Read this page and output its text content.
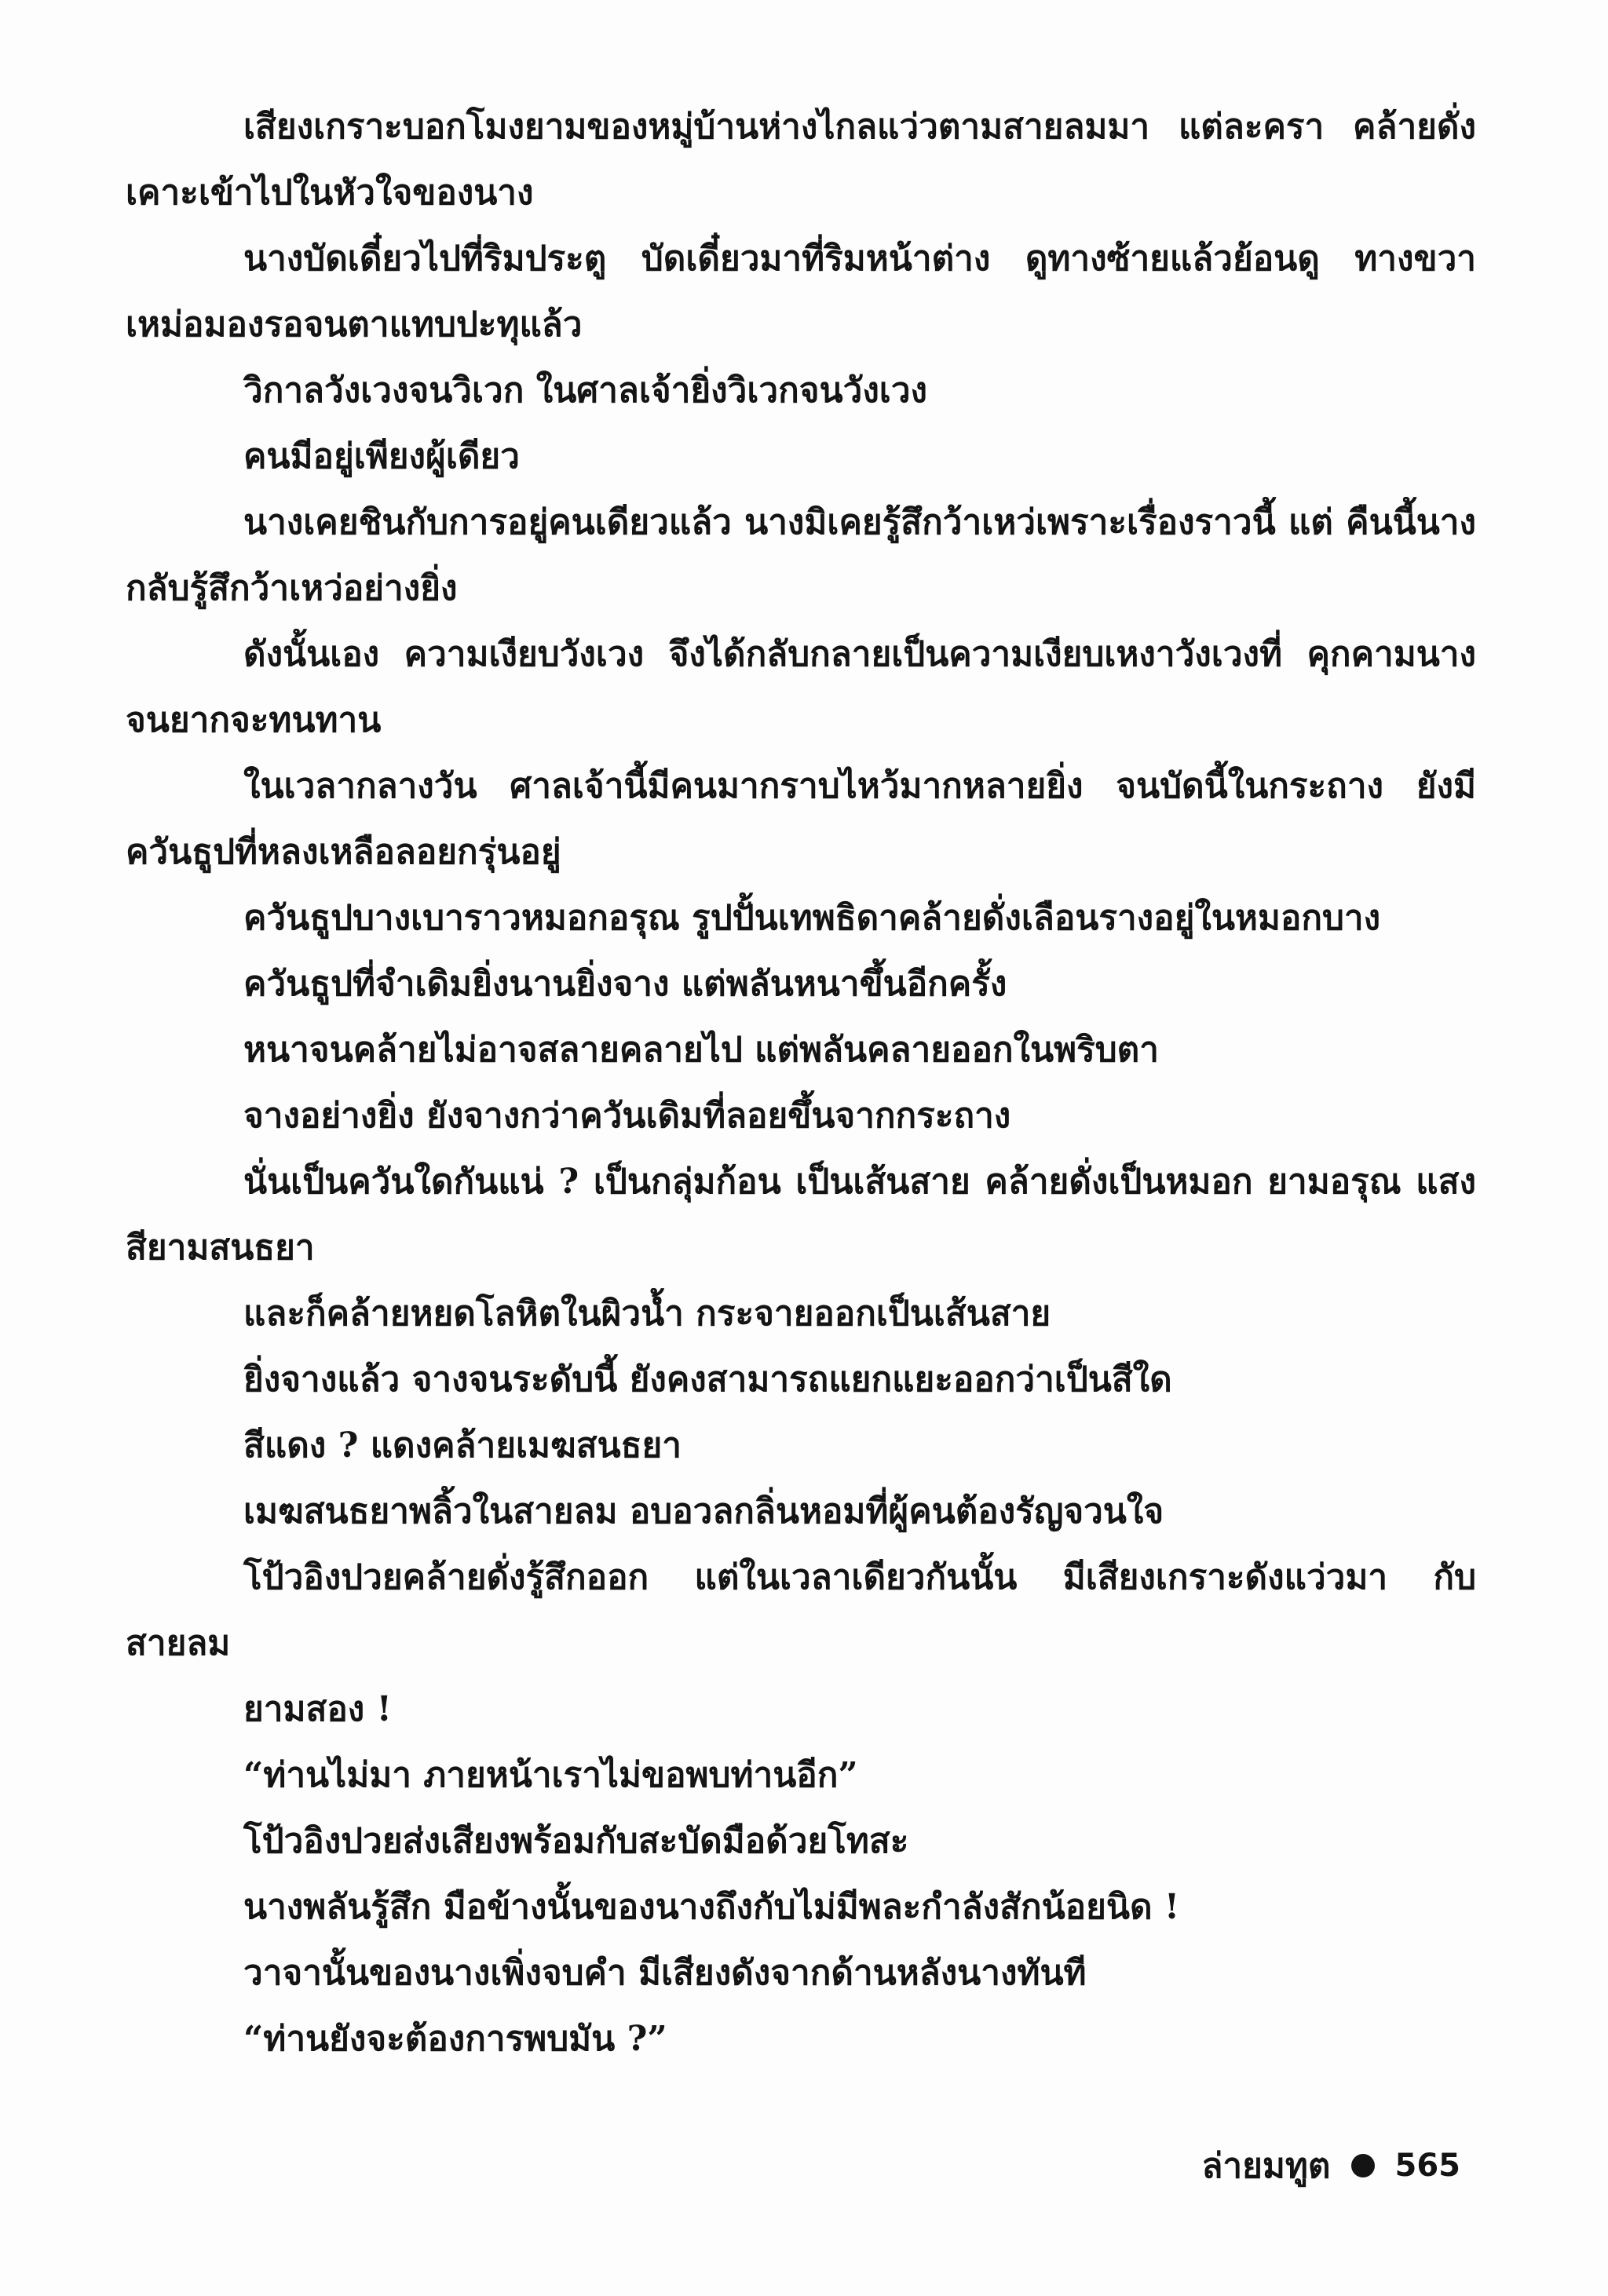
เสียงเกราะบอกโมงยามของหมู่บ้านห่างไกลแว่วตามสายลมมา แต่ละครา คล้ายดั่งเคาะเข้าไปในหัวใจของนาง

นางบัดเดี๋ยวไปที่ริมประตู บัดเดี๋ยวมาที่ริมหน้าต่าง ดูทางซ้ายแล้วย้อนดู ทางขวา เหม่อมองรอจนตาแทบปะทุแล้ว

วิกาลวังเวงจนวิเวก ในศาลเจ้ายิ่งวิเวกจนวังเวง

คนมีอยู่เพียงผู้เดียว

นางเคยชินกับการอยู่คนเดียวแล้ว นางมิเคยรู้สึกว้าเหว่เพราะเรื่องราวนี้ แต่ คืนนี้นางกลับรู้สึกว้าเหว่อย่างยิ่ง

ดังนั้นเอง ความเงียบวังเวง จึงได้กลับกลายเป็นความเงียบเหงาวังเวงที่ คุกคามนางจนยากจะทนทาน

ในเวลากลางวัน ศาลเจ้านี้มีคนมากราบไหว้มากหลายยิ่ง จนบัดนี้ในกระถาง ยังมีควันธูปที่หลงเหลือลอยกรุ่นอยู่

ควันธูปบางเบาราวหมอกอรุณ รูปปั้นเทพธิดาคล้ายดั่งเลือนรางอยู่ในหมอกบาง

ควันธูปที่จำเดิมยิ่งนานยิ่งจาง แต่พลันหนาขึ้นอีกครั้ง

หนาจนคล้ายไม่อาจสลายคลายไป แต่พลันคลายออกในพริบตา

จางอย่างยิ่ง ยังจางกว่าควันเดิมที่ลอยขึ้นจากกระถาง

นั่นเป็นควันใดกันแน่ ? เป็นกลุ่มก้อน เป็นเส้นสาย คล้ายดั่งเป็นหมอก ยามอรุณ แสงสียามสนธยา

และก็คล้ายหยดโลหิตในผิวน้ำ กระจายออกเป็นเส้นสาย

ยิ่งจางแล้ว จางจนระดับนี้ ยังคงสามารถแยกแยะออกว่าเป็นสีใด

สีแดง ? แดงคล้ายเมฆสนธยา

เมฆสนธยาพลิ้วในสายลม อบอวลกลิ่นหอมที่ผู้คนต้องรัญจวนใจ

โป้วอิงปวยคล้ายดั่งรู้สึกออก แต่ในเวลาเดียวกันนั้น มีเสียงเกราะดังแว่วมา กับสายลม

ยามสอง !

“ท่านไม่มา ภายหน้าเราไม่ขอพบท่านอีก”

โป้วอิงปวยส่งเสียงพร้อมกับสะบัดมือด้วยโทสะ

นางพลันรู้สึก มือข้างนั้นของนางถึงกับไม่มีพละกำลังสักน้อยนิด !

วาจานั้นของนางเพิ่งจบคำ มีเสียงดังจากด้านหลังนางทันที

“ท่านยังจะต้องการพบมัน ?”

ล่ายมทูต 565
